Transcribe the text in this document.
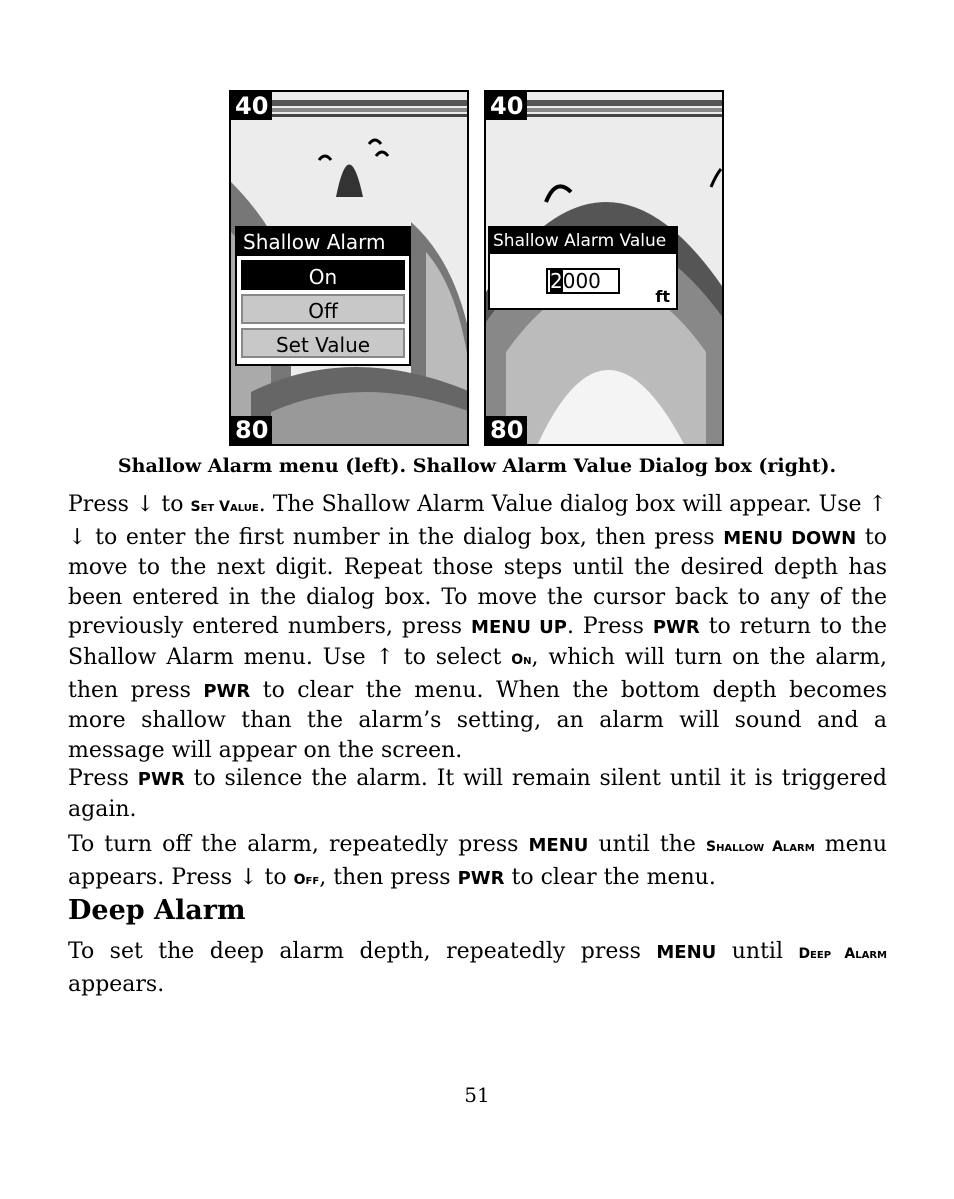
40
80
Shallow Alarm
On
Off
Set Value
40
80
Shallow Alarm Value
2000
ft
Shallow Alarm menu (left). Shallow Alarm Value Dialog box (right).

Press ↓ to Set Value. The Shallow Alarm Value dialog box will appear. Use ↑ ↓ to enter the first number in the dialog box, then press MENU DOWN to move to the next digit. Repeat those steps until the desired depth has been entered in the dialog box. To move the cursor back to any of the previously entered numbers, press MENU UP. Press PWR to return to the Shallow Alarm menu. Use ↑ to select On, which will turn on the alarm, then press PWR to clear the menu. When the bottom depth becomes more shallow than the alarm’s setting, an alarm will sound and a message will appear on the screen.

Press PWR to silence the alarm. It will remain silent until it is triggered again.

To turn off the alarm, repeatedly press MENU until the Shallow Alarm menu appears. Press ↓ to Off, then press PWR to clear the menu.

Deep Alarm

To set the deep alarm depth, repeatedly press MENU until Deep Alarm appears.

51
